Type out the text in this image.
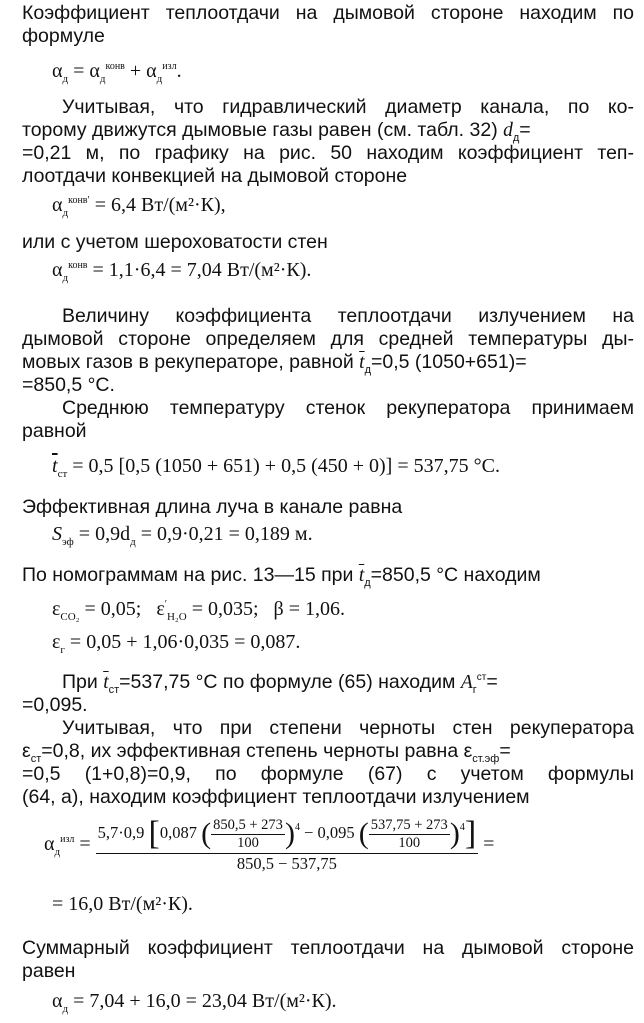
Коэффициент теплоотдачи на дымовой стороне находим по
формуле
$\alpha_д = \alpha_д^{конв} + \alpha_д^{изл}$.
Учитывая, что гидравлический диаметр канала, по ко-
торому движутся дымовые газы равен (см. табл. 32) $d_д=$
=0,21 м, по графику на рис. 50 находим коэффициент теп-
лоотдачи конвекцией на дымовой стороне
$\alpha_д^{конв'} = 6,4$ Вт/(м²·К),
или с учетом шероховатости стен
$\alpha_д^{конв} = 1,1\cdot 6,4 = 7,04$ Вт/(м²·К).
Величину коэффициента теплоотдачи излучением на
дымовой стороне определяем для средней температуры ды-
мовых газов в рекуператоре, равной $\overline{t}_д=0,5$ (1050+651)=
=850,5 °С.
Среднюю температуру стенок рекуператора принимаем
равной
$\overline{t}_{ст} = 0,5$ [0,5 (1050 + 651) + 0,5 (450 + 0)] = 537,75 °С.
Эффективная длина луча в канале равна
$S_{эф} = 0,9d_д = 0,9\cdot 0,21 = 0,189$ м.
По номограммам на рис. 13—15 при $\overline{t}_д=850,5$ °С находим
$\varepsilon_{CO_2} = 0,05$; $\varepsilon'_{H_2O} = 0,035$; β = 1,06.
$\varepsilon_г = 0,05 + 1,06\cdot 0,035 = 0,087$.
При $\overline{t}_{ст}=537,75$ °С по формуле (65) находим $A_г^{ст}=$
=0,095.
Учитывая, что при степени черноты стен рекуператора
$\varepsilon_{ст}=0,8$, их эффективная степень черноты равна $\varepsilon_{ст.эф}=$
=0,5 (1+0,8)=0,9, по формуле (67) с учетом формулы
(64, а), находим коэффициент теплоотдачи излучением
$\alpha_д^{изл}$ =
5,7·0,9 [0,087 ( $\frac{850,5 + 273}{100} )^4 - 0,095$ ( $\frac{537,75 + 273}{100} )^4$]
850,5 − 537,75
=
= 16,0 Вт/(м²·К).
Суммарный коэффициент теплоотдачи на дымовой стороне
равен
$\alpha_д = 7,04 + 16,0 = 23,04$ Вт/(м²·К).
